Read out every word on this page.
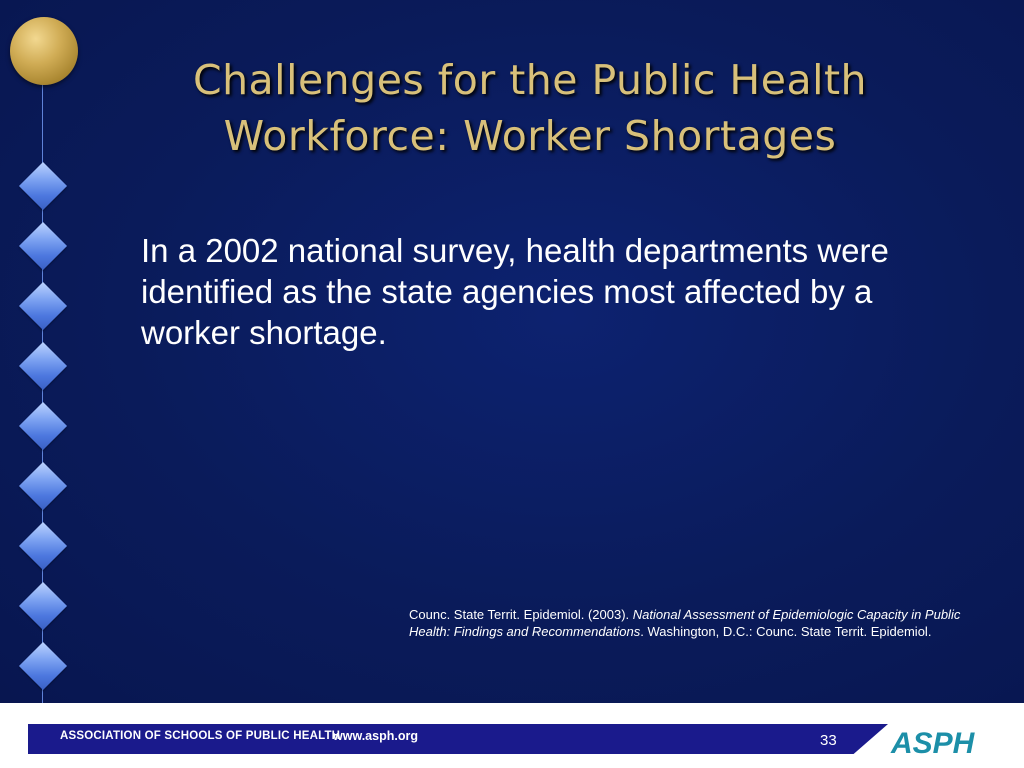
Challenges for the Public Health
Workforce: Worker Shortages
In a 2002 national survey, health departments were identified as the state agencies most affected by a worker shortage.
Counc. State Territ. Epidemiol. (2003). National Assessment of Epidemiologic Capacity in Public Health: Findings and Recommendations. Washington, D.C.: Counc. State Territ. Epidemiol.
ASSOCIATION OF SCHOOLS OF PUBLIC HEALTH
www.asph.org	33 ASPH
